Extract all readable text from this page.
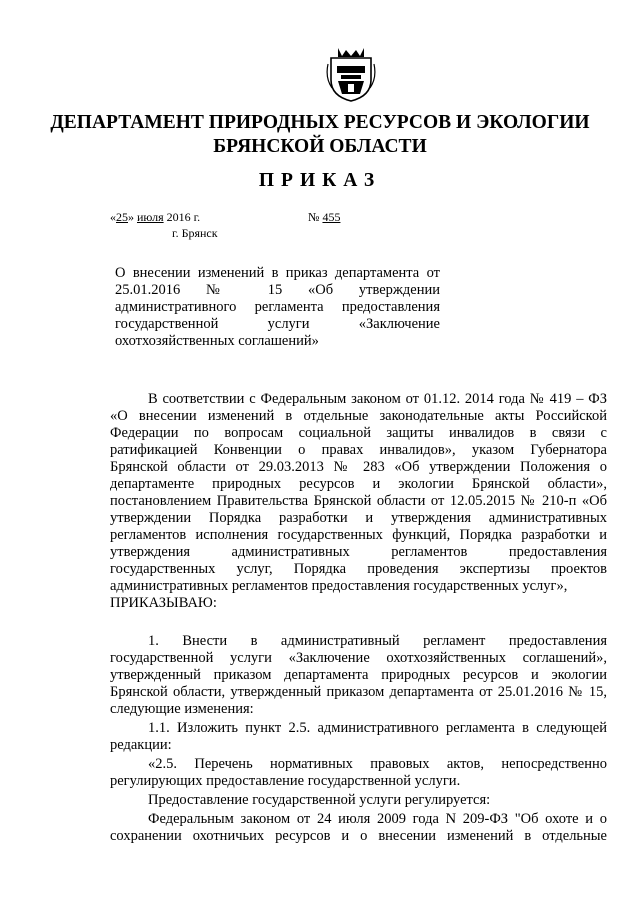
ДЕПАРТАМЕНТ ПРИРОДНЫХ РЕСУРСОВ И ЭКОЛОГИИ
БРЯНСКОЙ ОБЛАСТИ
ПРИКАЗ
«25» июля 2016 г.	№ 455
г. Брянск
О внесении изменений в приказ департамента от
25.01.2016 № 15 «Об утверждении
административного регламента предоставления
государственной услуги «Заключение
охотхозяйственных соглашений»
В соответствии с Федеральным законом от 01.12. 2014 года № 419 – ФЗ
«О внесении изменений в отдельные законодательные акты Российской
Федерации по вопросам социальной защиты инвалидов в связи с
ратификацией Конвенции о правах инвалидов», указом Губернатора
Брянской области от 29.03.2013 № 283 «Об утверждении Положения о
департаменте природных ресурсов и экологии Брянской области»,
постановлением Правительства Брянской области от 12.05.2015 № 210-п «Об
утверждении Порядка разработки и утверждения административных
регламентов исполнения государственных функций, Порядка разработки и
утверждения административных регламентов предоставления
государственных услуг, Порядка проведения экспертизы проектов
административных регламентов предоставления государственных услуг»,
ПРИКАЗЫВАЮ:
1. Внести в административный регламент предоставления
государственной услуги «Заключение охотхозяйственных соглашений»,
утвержденный приказом департамента природных ресурсов и экологии
Брянской области, утвержденный приказом департамента от 25.01.2016 № 15,
следующие изменения:
1.1. Изложить пункт 2.5. административного регламента в следующей
редакции:
«2.5. Перечень нормативных правовых актов, непосредственно
регулирующих предоставление государственной услуги.
Предоставление государственной услуги регулируется:
Федеральным законом от 24 июля 2009 года N 209-ФЗ "Об охоте и о
сохранении охотничьих ресурсов и о внесении изменений в отдельные
